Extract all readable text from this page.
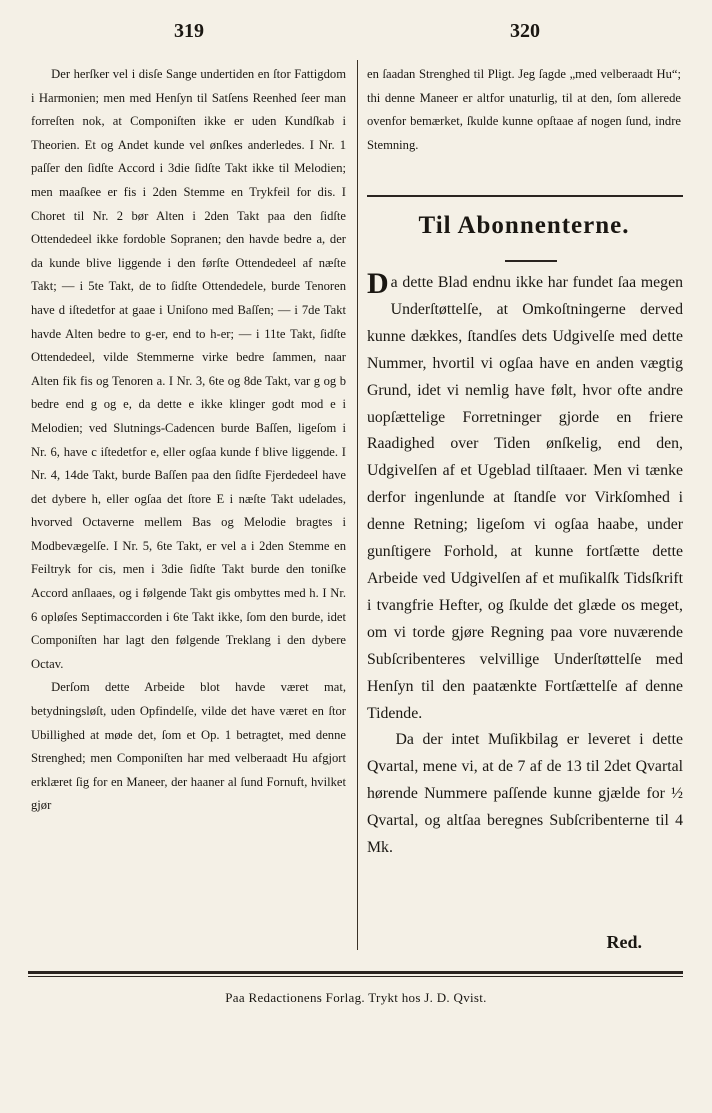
319	320

Der herſker vel i disſe Sange undertiden en ſtor Fattigdom i Harmonien; men med Henſyn til Satſens Reenhed ſeer man forreſten nok, at Componiſten ikke er uden Kundſkab i Theorien. Et og Andet kunde vel ønſkes anderledes. I Nr. 1 paſſer den ſidſte Accord i 3die ſidſte Takt ikke til Melodien; men maaſkee er fis i 2den Stemme en Trykfeil for dis. I Choret til Nr. 2 bør Alten i 2den Takt paa den ſidſte Ottendedeel ikke fordoble Sopranen; den havde bedre a, der da kunde blive liggende i den førſte Ottendedeel af næſte Takt; — i 5te Takt, de to ſidſte Ottendedele, burde Tenoren have d iſtedetfor at gaae i Uniſono med Baſſen; — i 7de Takt havde Alten bedre to g-er, end to h-er; — i 11te Takt, ſidſte Ottendedeel, vilde Stemmerne virke bedre ſammen, naar Alten fik fis og Tenoren a. I Nr. 3, 6te og 8de Takt, var g og b bedre end g og e, da dette e ikke klinger godt mod e i Melodien; ved Slutnings-Cadencen burde Baſſen, ligeſom i Nr. 6, have c iſtedetfor e, eller ogſaa kunde f blive liggende. I Nr. 4, 14de Takt, burde Baſſen paa den ſidſte Fjerdedeel have det dybere h, eller ogſaa det ſtore E i næſte Takt udelades, hvorved Octaverne mellem Bas og Melodie bragtes i Modbevægelſe. I Nr. 5, 6te Takt, er vel a i 2den Stemme en Feiltryk for cis, men i 3die ſidſte Takt burde den toniſke Accord anſlaaes, og i følgende Takt gis ombyttes med h. I Nr. 6 opløſes Septimaccorden i 6te Takt ikke, ſom den burde, idet Componiſten har lagt den følgende Treklang i den dybere Octav.

Derſom dette Arbeide blot havde været mat, betydningsløſt, uden Opfindelſe, vilde det have været en ſtor Ubillighed at møde det, ſom et Op. 1 betragtet, med denne Strenghed; men Componiſten har med velberaadt Hu afgjort erklæret ſig for en Maneer, der haaner al ſund Fornuft, hvilket gjør

en ſaadan Strenghed til Pligt. Jeg ſagde „med velberaadt Hu“; thi denne Maneer er altfor unaturlig, til at den, ſom allerede ovenfor bemærket, ſkulde kunne opſtaae af nogen ſund, indre Stemning.

Til Abonnenterne.

Da dette Blad endnu ikke har fundet ſaa megen Underſtøttelſe, at Omkoſtningerne derved kunne dækkes, ſtandſes dets Udgivelſe med dette Nummer, hvortil vi ogſaa have en anden vægtig Grund, idet vi nemlig have følt, hvor ofte andre uopſættelige Forretninger gjorde en friere Raadighed over Tiden ønſkelig, end den, Udgivelſen af et Ugeblad tilſtaaer. Men vi tænke derfor ingenlunde at ſtandſe vor Virkſomhed i denne Retning; ligeſom vi ogſaa haabe, under gunſtigere Forhold, at kunne fortſætte dette Arbeide ved Udgivelſen af et muſikalſk Tidsſkrift i tvangfrie Hefter, og ſkulde det glæde os meget, om vi torde gjøre Regning paa vore nuværende Subſcribenteres velvillige Underſtøttelſe med Henſyn til den paatænkte Fortſættelſe af denne Tidende.

Da der intet Muſikbilag er leveret i dette Qvartal, mene vi, at de 7 af de 13 til 2det Qvartal hørende Nummere paſſende kunne gjælde for ½ Qvartal, og altſaa beregnes Subſcribenterne til 4 Mk.

Red.
Paa Redactionens Forlag. Trykt hos J. D. Qvist.
